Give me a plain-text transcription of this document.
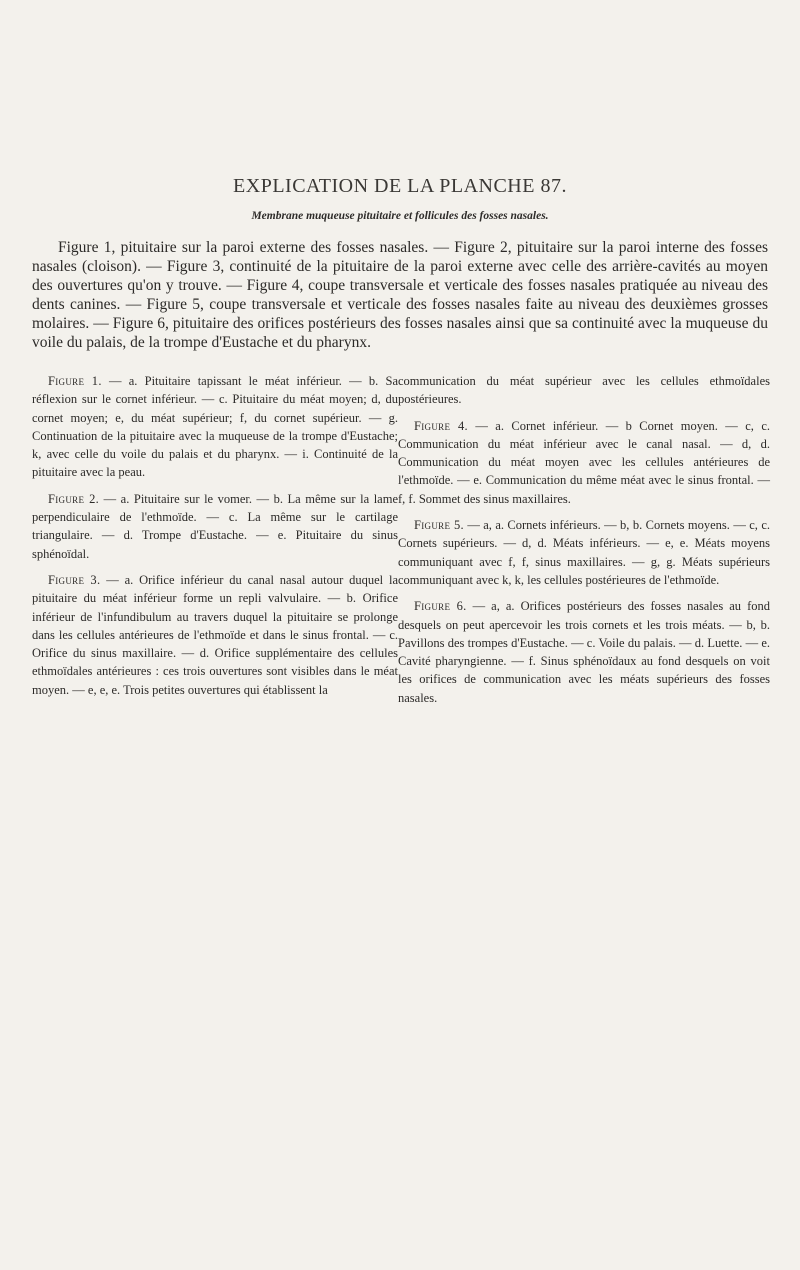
EXPLICATION DE LA PLANCHE 87.
Membrane muqueuse pituitaire et follicules des fosses nasales.

Figure 1, pituitaire sur la paroi externe des fosses nasales. — Figure 2, pituitaire sur la paroi interne des fosses nasales (cloison). — Figure 3, continuité de la pituitaire de la paroi externe avec celle des arrière-cavités au moyen des ouvertures qu'on y trouve. — Figure 4, coupe transversale et verticale des fosses nasales pratiquée au niveau des dents canines. — Figure 5, coupe transversale et verticale des fosses nasales faite au niveau des deuxièmes grosses molaires. — Figure 6, pituitaire des orifices postérieurs des fosses nasales ainsi que sa continuité avec la muqueuse du voile du palais, de la trompe d'Eustache et du pharynx.

Figure 1. — a. Pituitaire tapissant le méat inférieur. — b. Sa réflexion sur le cornet inférieur. — c. Pituitaire du méat moyen; d, du cornet moyen; e, du méat supérieur; f, du cornet supérieur. — g. Continuation de la pituitaire avec la muqueuse de la trompe d'Eustache; k, avec celle du voile du palais et du pharynx. — i. Continuité de la pituitaire avec la peau.

Figure 2. — a. Pituitaire sur le vomer. — b. La même sur la lame perpendiculaire de l'ethmoïde. — c. La même sur le cartilage triangulaire. — d. Trompe d'Eustache. — e. Pituitaire du sinus sphénoïdal.

Figure 3. — a. Orifice inférieur du canal nasal autour duquel la pituitaire du méat inférieur forme un repli valvulaire. — b. Orifice inférieur de l'infundibulum au travers duquel la pituitaire se prolonge dans les cellules antérieures de l'ethmoïde et dans le sinus frontal. — c. Orifice du sinus maxillaire. — d. Orifice supplémentaire des cellules ethmoïdales antérieures : ces trois ouvertures sont visibles dans le méat moyen. — e, e, e. Trois petites ouvertures qui établissent la

communication du méat supérieur avec les cellules ethmoïdales postérieures.

Figure 4. — a. Cornet inférieur. — b Cornet moyen. — c, c. Communication du méat inférieur avec le canal nasal. — d, d. Communication du méat moyen avec les cellules antérieures de l'ethmoïde. — e. Communication du même méat avec le sinus frontal. — f, f. Sommet des sinus maxillaires.

Figure 5. — a, a. Cornets inférieurs. — b, b. Cornets moyens. — c, c. Cornets supérieurs. — d, d. Méats inférieurs. — e, e. Méats moyens communiquant avec f, f, sinus maxillaires. — g, g. Méats supérieurs communiquant avec k, k, les cellules postérieures de l'ethmoïde.

Figure 6. — a, a. Orifices postérieurs des fosses nasales au fond desquels on peut apercevoir les trois cornets et les trois méats. — b, b. Pavillons des trompes d'Eustache. — c. Voile du palais. — d. Luette. — e. Cavité pharyngienne. — f. Sinus sphénoïdaux au fond desquels on voit les orifices de communication avec les méats supérieurs des fosses nasales.
